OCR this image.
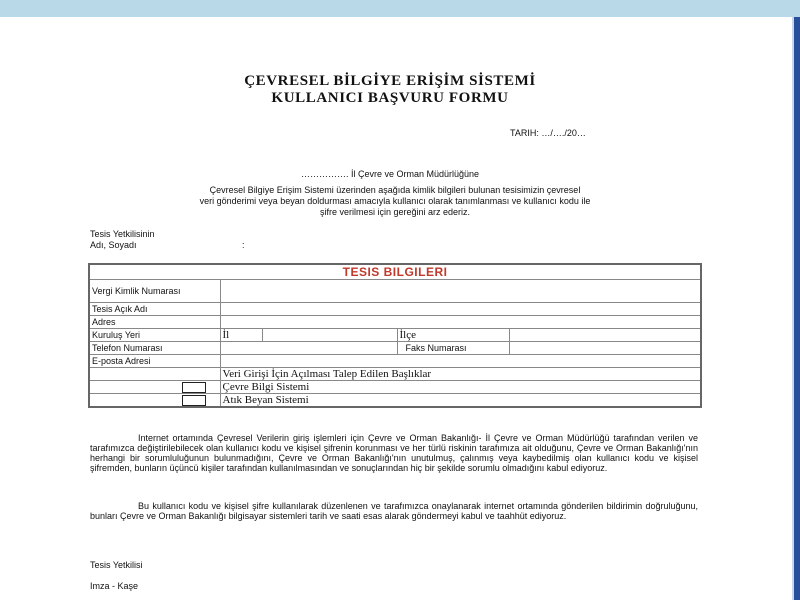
ÇEVRESEL BİLGİYE ERİŞİM SİSTEMİ
KULLANICI BAŞVURU FORMU
TARIH: …/…./20…
……………. İl Çevre ve Orman Müdürlüğüne
Çevresel Bilgiye Erişim Sistemi üzerinden aşağıda kimlik bilgileri bulunan tesisimizin çevresel
veri gönderimi veya beyan doldurması amacıyla kullanıcı olarak tanımlanması ve kullanıcı kodu ile
şifre verilmesi için gereğini arz ederiz.
Tesis Yetkilisinin
Adı, Soyadı	:
TESIS BILGILERI				
Vergi Kimlik Numarası				
Tesis Açık Adı				
Adres				
Kuruluş Yeri	İl		İlçe	
Telefon Numarası			Faks Numarası	
E-posta Adresi				
	Veri Girişi İçin Açılması Talep Edilen Başlıklar			
	Çevre Bilgi Sistemi			
	Atık Beyan Sistemi			
Internet ortamında Çevresel Verilerin giriş işlemleri için Çevre ve Orman Bakanlığı- İl Çevre ve Orman Müdürlüğü tarafından verilen ve tarafımızca değiştirilebilecek olan kullanıcı kodu ve kişisel şifrenin korunması ve her türlü riskinin tarafımıza ait olduğunu, Çevre ve Orman Bakanlığı'nın herhangi bir sorumluluğunun bulunmadığını, Çevre ve Orman Bakanlığı'nın unutulmuş, çalınmış veya kaybedilmiş olan kullanıcı kodu ve kişisel şifremden, bunların üçüncü kişiler tarafından kullanılmasından ve sonuçlarından hiç bir şekilde sorumlu olmadığını kabul ediyoruz.
Bu kullanıcı kodu ve kişisel şifre kullanılarak düzenlenen ve tarafımızca onaylanarak internet ortamında gönderilen bildirimin doğruluğunu, bunları Çevre ve Orman Bakanlığı bilgisayar sistemleri tarih ve saati esas alarak göndermeyi kabul ve taahhüt ediyoruz.
Tesis Yetkilisi
Imza - Kaşe
